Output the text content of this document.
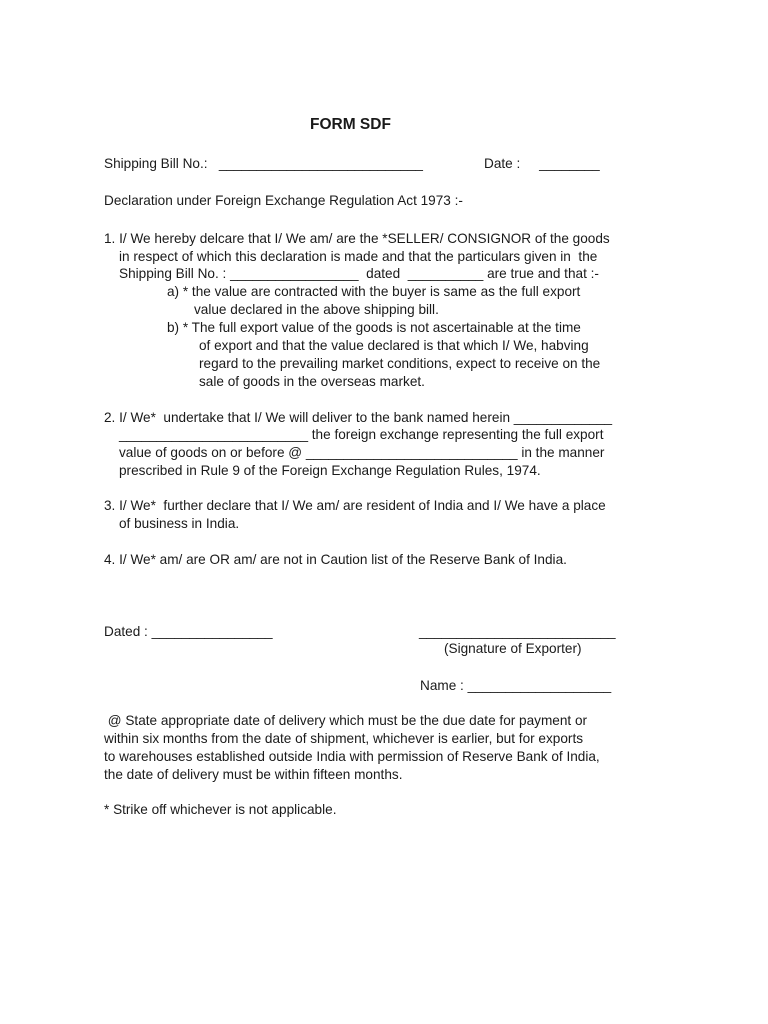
FORM SDF
Shipping Bill No.:   ___________________________	Date :     ________
Declaration under Foreign Exchange Regulation Act 1973 :-
1. I/ We hereby delcare that I/ We am/ are the *SELLER/ CONSIGNOR of the goods
in respect of which this declaration is made and that the particulars given in  the
Shipping Bill No. : _________________  dated  __________ are true and that :-
a) * the value are contracted with the buyer is same as the full export
value declared in the above shipping bill.
b) * The full export value of the goods is not ascertainable at the time
of export and that the value declared is that which I/ We, habving
regard to the prevailing market conditions, expect to receive on the
sale of goods in the overseas market.
2. I/ We*  undertake that I/ We will deliver to the bank named herein _____________
_________________________ the foreign exchange representing the full export
value of goods on or before @ ____________________________ in the manner
prescribed in Rule 9 of the Foreign Exchange Regulation Rules, 1974.
3. I/ We*  further declare that I/ We am/ are resident of India and I/ We have a place
of business in India.
4. I/ We* am/ are OR am/ are not in Caution list of the Reserve Bank of India.
Dated : ________________	__________________________
(Signature of Exporter)
Name : ___________________
@ State appropriate date of delivery which must be the due date for payment or
within six months from the date of shipment, whichever is earlier, but for exports
to warehouses established outside India with permission of Reserve Bank of India,
the date of delivery must be within fifteen months.
* Strike off whichever is not applicable.
